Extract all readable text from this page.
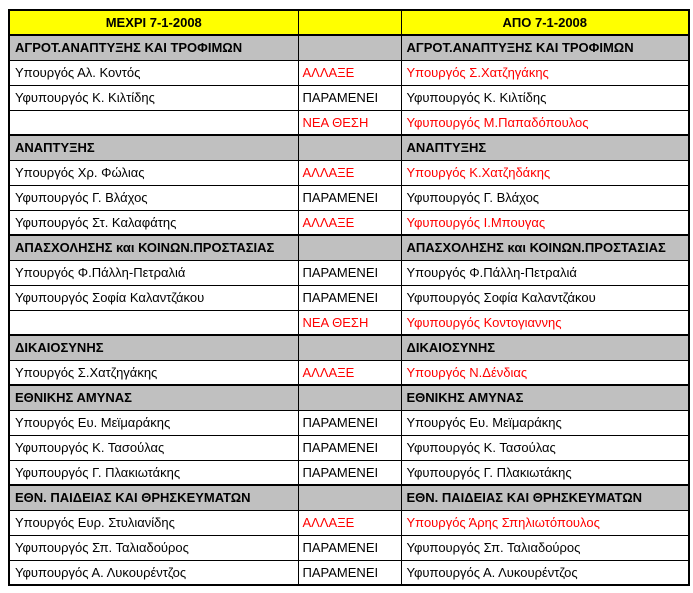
ΜΕΧΡΙ 7-1-2008		ΑΠΟ 7-1-2008
ΑΓΡΟΤ.ΑΝΑΠΤΥΞΗΣ ΚΑΙ ΤΡΟΦΙΜΩΝ		ΑΓΡΟΤ.ΑΝΑΠΤΥΞΗΣ ΚΑΙ ΤΡΟΦΙΜΩΝ
Υπουργός Αλ. Κοντός	ΑΛΛΑΞΕ	Υπουργός Σ.Χατζηγάκης
Υφυπουργός Κ. Κιλτίδης	ΠΑΡΑΜΕΝΕΙ	Υφυπουργός Κ. Κιλτίδης
	ΝΕΑ ΘΕΣΗ	Υφυπουργός Μ.Παπαδόπουλος
ΑΝΑΠΤΥΞΗΣ		ΑΝΑΠΤΥΞΗΣ
Υπουργός Χρ. Φώλιας	ΑΛΛΑΞΕ	Υπουργός Κ.Χατζηδάκης
Υφυπουργός Γ. Βλάχος	ΠΑΡΑΜΕΝΕΙ	Υφυπουργός Γ. Βλάχος
Υφυπουργός Στ. Καλαφάτης	ΑΛΛΑΞΕ	Υφυπουργός Ι.Μπουγας
ΑΠΑΣΧΟΛΗΣΗΣ και ΚΟΙΝΩΝ.ΠΡΟΣΤΑΣΙΑΣ		ΑΠΑΣΧΟΛΗΣΗΣ και ΚΟΙΝΩΝ.ΠΡΟΣΤΑΣΙΑΣ
Υπουργός Φ.Πάλλη-Πετραλιά	ΠΑΡΑΜΕΝΕΙ	Υπουργός Φ.Πάλλη-Πετραλιά
Υφυπουργός Σοφία Καλαντζάκου	ΠΑΡΑΜΕΝΕΙ	Υφυπουργός Σοφία Καλαντζάκου
	ΝΕΑ ΘΕΣΗ	Υφυπουργός Κοντογιαννης
ΔΙΚΑΙΟΣΥΝΗΣ		ΔΙΚΑΙΟΣΥΝΗΣ
Υπουργός Σ.Χατζηγάκης	ΑΛΛΑΞΕ	Υπουργός Ν.Δένδιας
ΕΘΝΙΚΗΣ ΑΜΥΝΑΣ		ΕΘΝΙΚΗΣ ΑΜΥΝΑΣ
Υπουργός Ευ. Μεϊμαράκης	ΠΑΡΑΜΕΝΕΙ	Υπουργός Ευ. Μεϊμαράκης
Υφυπουργός Κ. Τασούλας	ΠΑΡΑΜΕΝΕΙ	Υφυπουργός Κ. Τασούλας
Υφυπουργός Γ. Πλακιωτάκης	ΠΑΡΑΜΕΝΕΙ	Υφυπουργός Γ. Πλακιωτάκης
ΕΘΝ. ΠΑΙΔΕΙΑΣ ΚΑΙ ΘΡΗΣΚΕΥΜΑΤΩΝ		ΕΘΝ. ΠΑΙΔΕΙΑΣ ΚΑΙ ΘΡΗΣΚΕΥΜΑΤΩΝ
Υπουργός Ευρ. Στυλιανίδης	ΑΛΛΑΞΕ	Υπουργός Άρης Σπηλιωτόπουλος
Υφυπουργός Σπ. Ταλιαδούρος	ΠΑΡΑΜΕΝΕΙ	Υφυπουργός Σπ. Ταλιαδούρος
Υφυπουργός Α. Λυκουρέντζος	ΠΑΡΑΜΕΝΕΙ	Υφυπουργός Α. Λυκουρέντζος
